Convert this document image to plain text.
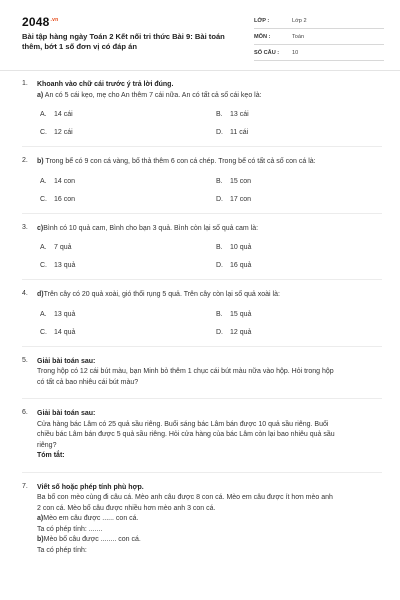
$2048^{.vn}$
Bài tập hàng ngày Toán 2 Kết nối tri thức Bài 9: Bài toán thêm, bớt 1 số đơn vị có đáp án
LỚP :	Lớp 2
MÔN :	Toán
SỐ CÂU : 10
1. Khoanh vào chữ cái trước ý trả lời đúng.
a) An có 5 cái kẹo, mẹ cho An thêm 7 cái nữa. An có tất cả số cái kẹo là:
A. 14 cái	B. 13 cái
C. 12 cái	D. 11 cái
2. b) Trong bể có 9 con cá vàng, bố thả thêm 6 con cá chép. Trong bể có tất cả số con cá là:
A. 14 con	B. 15 con
C. 16 con	D. 17 con
3. c)Bình có 10 quả cam, Bình cho bạn 3 quả. Bình còn lại số quả cam là:
A. 7 quả	B. 10 quả
C. 13 quả	D. 16 quả
4. d)Trên cây có 20 quả xoài, gió thổi rụng 5 quả. Trên cây còn lại số quả xoài là:
A. 13 quả	B. 15 quả
C. 14 quả	D. 12 quả
5. Giải bài toán sau:
Trong hộp có 12 cái bút màu, bạn Minh bỏ thêm 1 chục cái bút màu nữa vào hộp. Hỏi trong hộp
có tất cả bao nhiêu cái bút màu?
6. Giải bài toán sau:
Cửa hàng bác Lâm có 25 quả sầu riêng. Buổi sáng bác Lâm bán được 10 quả sầu riêng. Buổi
chiều bác Lâm bán được 5 quả sầu riêng. Hỏi cửa hàng của bác Lâm còn lại bao nhiêu quả sầu
riêng?
Tóm tắt:
7. Viết số hoặc phép tính phù hợp.
Ba bố con mèo cùng đi câu cá. Mèo anh câu được 8 con cá. Mèo em câu được ít hơn mèo anh
2 con cá. Mèo bố câu được nhiều hơn mèo anh 3 con cá.
a)Mèo em câu được ...... con cá.
Ta có phép tính: .......
b)Mèo bố câu được ........ con cá.
Ta có phép tính:
